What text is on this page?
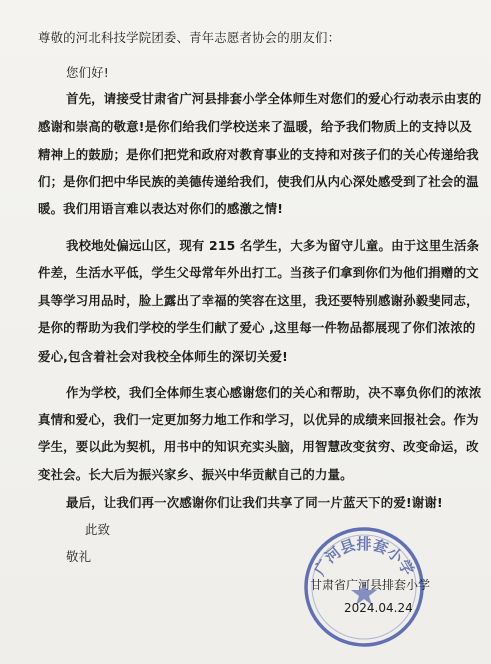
尊敬的河北科技学院团委、青年志愿者协会的朋友们：
您们好!
首先，请接受甘肃省广河县排套小学全体师生对您们的爱心行动表示由衷的
感谢和崇高的敬意!是你们给我们学校送来了温暖，给予我们物质上的支持以及
精神上的鼓励；是你们把党和政府对教育事业的支持和对孩子们的关心传递给我
们；是你们把中华民族的美德传递给我们，使我们从内心深处感受到了社会的温
暖。我们用语言难以表达对你们的感激之情!
我校地处偏远山区，现有 215 名学生，大多为留守儿童。由于这里生活条
件差，生活水平低，学生父母常年外出打工。当孩子们拿到你们为他们捐赠的文
具等学习用品时，脸上露出了幸福的笑容在这里，我还要特别感谢孙毅斐同志，
是你的帮助为我们学校的学生们献了爱心 ,这里每一件物品都展现了你们浓浓的
爱心,包含着社会对我校全体师生的深切关爱!
作为学校，我们全体师生衷心感谢您们的关心和帮助，决不辜负你们的浓浓
真情和爱心，我们一定更加努力地工作和学习，以优异的成绩来回报社会。作为
学生，要以此为契机，用书中的知识充实头脑，用智慧改变贫穷、改变命运，改
变社会。长大后为振兴家乡、振兴中华贡献自己的力量。
最后，让我们再一次感谢你们让我们共享了同一片蓝天下的爱!谢谢!
此致
敬礼
广河县排套小学
甘肃省广河县排套小学
2024.04.24
